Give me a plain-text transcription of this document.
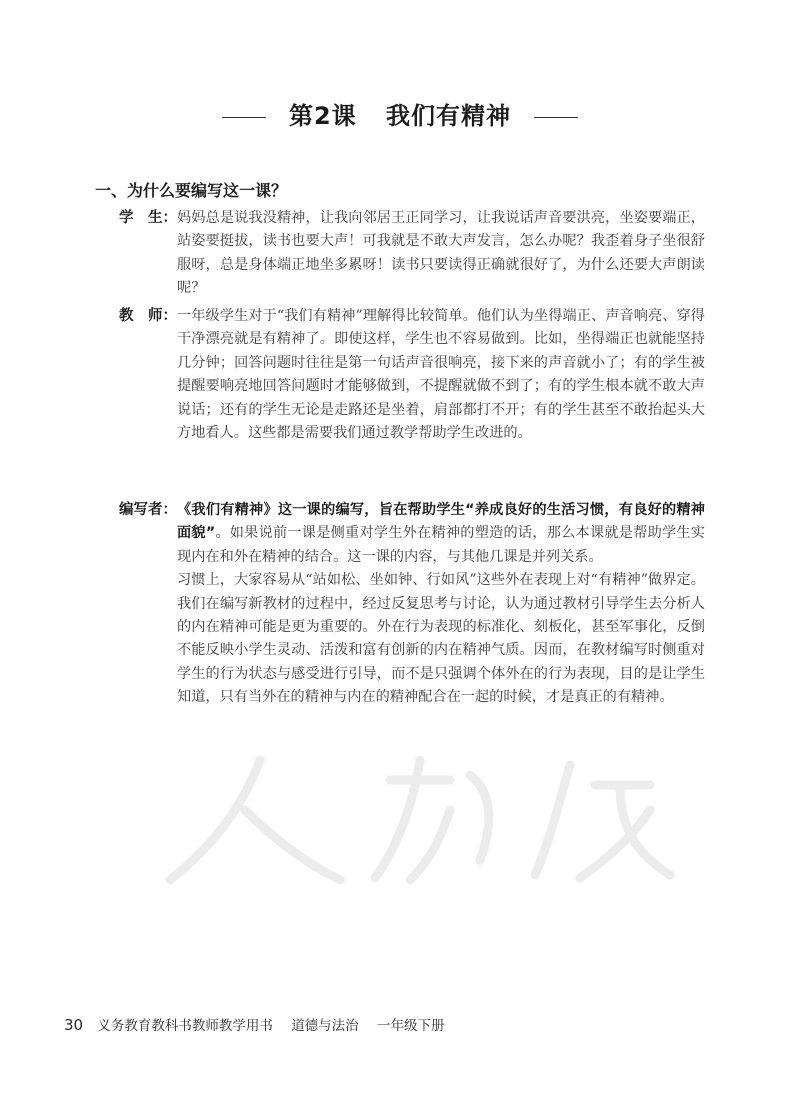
第2课 我们有精神
一、为什么要编写这一课？
学　生： 妈妈总是说我没精神，让我向邻居王正同学习，让我说话声音要洪亮，坐姿要端正，站姿要挺拔，读书也要大声！可我就是不敢大声发言，怎么办呢？我歪着身子坐很舒服呀，总是身体端正地坐多累呀！读书只要读得正确就很好了，为什么还要大声朗读呢？
教　师： 一年级学生对于“我们有精神”理解得比较简单。他们认为坐得端正、声音响亮、穿得干净漂亮就是有精神了。即使这样，学生也不容易做到。比如，坐得端正也就能坚持几分钟；回答问题时往往是第一句话声音很响亮，接下来的声音就小了；有的学生被提醒要响亮地回答问题时才能够做到，不提醒就做不到了；有的学生根本就不敢大声说话；还有的学生无论是走路还是坐着，肩部都打不开；有的学生甚至不敢抬起头大方地看人。这些都是需要我们通过教学帮助学生改进的。
编写者： 《我们有精神》这一课的编写，旨在帮助学生“养成良好的生活习惯，有良好的精神面貌”。如果说前一课是侧重对学生外在精神的塑造的话，那么本课就是帮助学生实现内在和外在精神的结合。这一课的内容，与其他几课是并列关系。
习惯上，大家容易从“站如松、坐如钟、行如风”这些外在表现上对“有精神”做界定。我们在编写新教材的过程中，经过反复思考与讨论，认为通过教材引导学生去分析人的内在精神可能是更为重要的。外在行为表现的标准化、刻板化，甚至军事化，反倒不能反映小学生灵动、活泼和富有创新的内在精神气质。因而，在教材编写时侧重对学生的行为状态与感受进行引导，而不是只强调个体外在的行为表现，目的是让学生知道，只有当外在的精神与内在的精神配合在一起的时候，才是真正的有精神。
30 义务教育教科书教师教学用书 道德与法治 一年级下册
